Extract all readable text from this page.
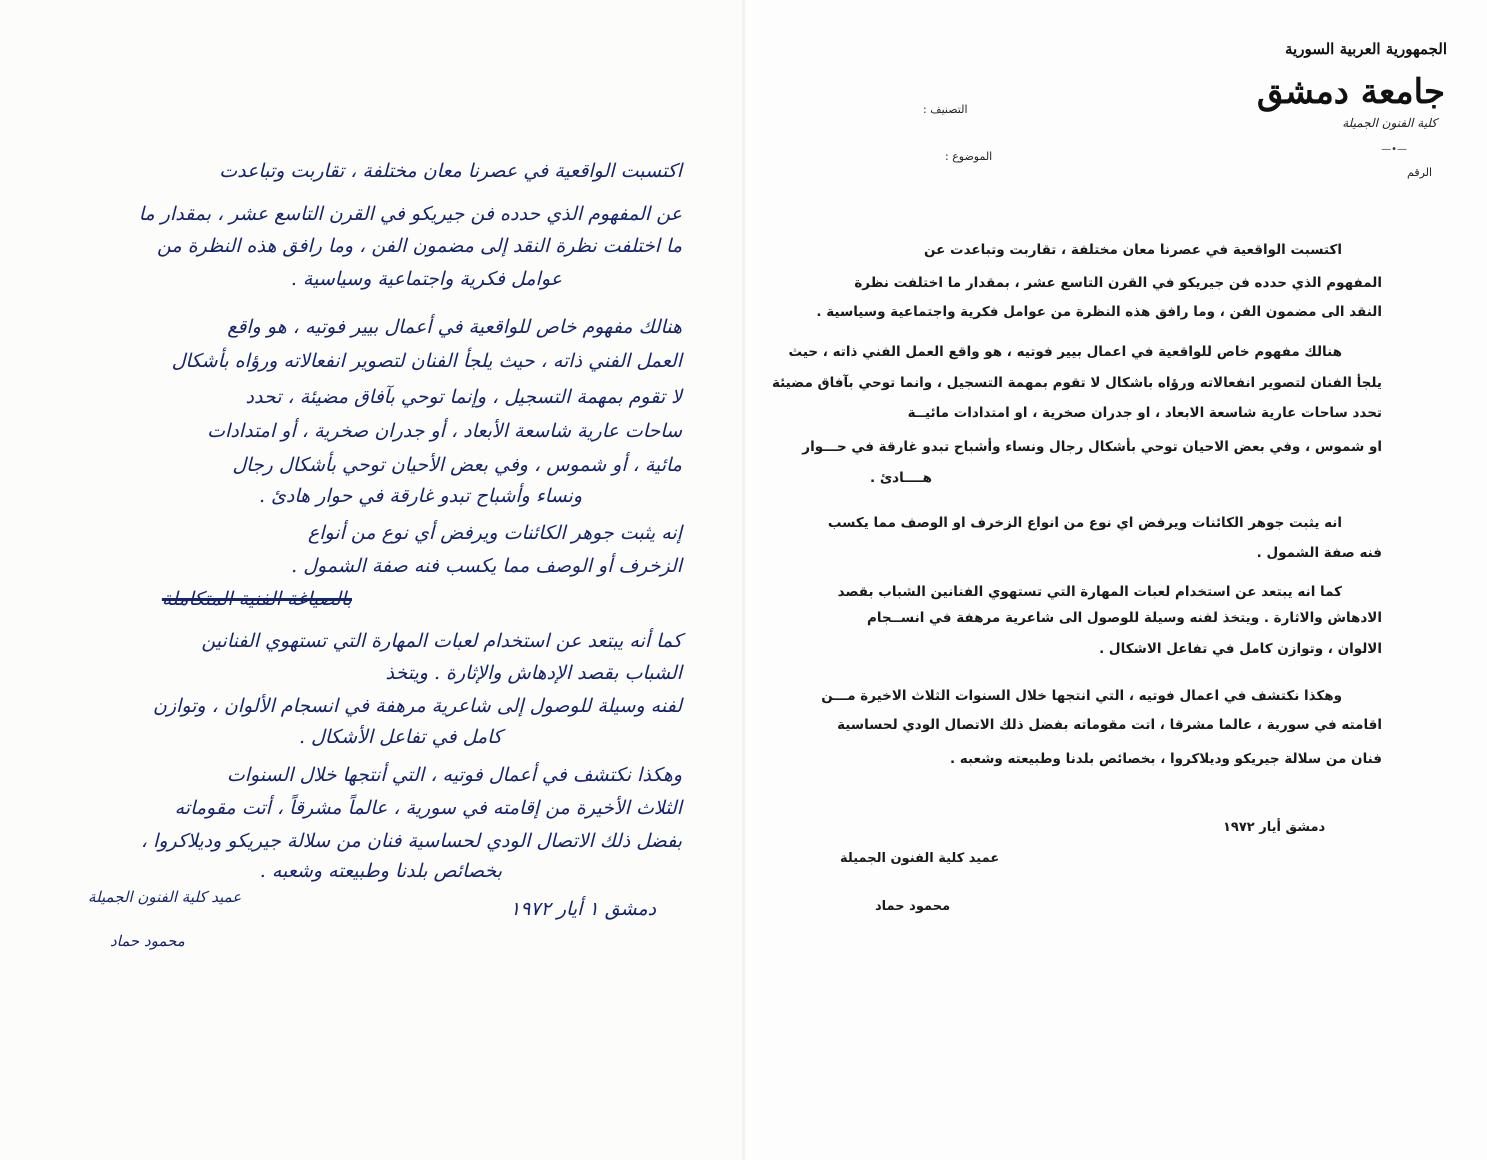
اكتسبت الواقعية في عصرنا معان مختلفة ، تقاربت وتباعدت
عن المفهوم الذي حدده فن جيريكو في القرن التاسع عشر ، بمقدار ما
ما اختلفت نظرة النقد إلى مضمون الفن ، وما رافق هذه النظرة من
عوامل فكرية واجتماعية وسياسية .
هنالك مفهوم خاص للواقعية في أعمال بيير فوتيه ، هو واقع
العمل الفني ذاته ، حيث يلجأ الفنان لتصوير انفعالاته ورؤاه بأشكال
لا تقوم بمهمة التسجيل ، وإنما توحي بآفاق مضيئة ، تحدد
ساحات عارية شاسعة الأبعاد ، أو جدران صخرية ، أو امتدادات
مائية ، أو شموس ، وفي بعض الأحيان توحي بأشكال رجال
ونساء وأشباح تبدو غارقة في حوار هادئ .
إنه يثبت جوهر الكائنات ويرفض أي نوع من أنواع
الزخرف أو الوصف مما يكسب فنه صفة الشمول .
بالصياغة الفنية المتكاملة
كما أنه يبتعد عن استخدام لعبات المهارة التي تستهوي الفنانين
الشباب بقصد الإدهاش والإثارة . ويتخذ
لفنه وسيلة للوصول إلى شاعرية مرهفة في انسجام الألوان ، وتوازن
كامل في تفاعل الأشكال .
وهكذا نكتشف في أعمال فوتيه ، التي أنتجها خلال السنوات
الثلاث الأخيرة من إقامته في سورية ، عالماً مشرقاً ، أتت مقوماته
بفضل ذلك الاتصال الودي لحساسية فنان من سلالة جيريكو وديلاكروا ،
بخصائص بلدنا وطبيعته وشعبه .
دمشق ١ أيار ١٩٧٢
عميد كلية الفنون الجميلة
محمود حماد
الجمهورية العربية السورية
جامعة دمشق
كلية الفنون الجميلة
—•—
التصنيف :
الموضوع :
الرقم
اكتسبت الواقعية في عصرنا معان مختلفة ، تقاربت وتباعدت عن
المفهوم الذي حدده فن جيريكو في القرن التاسع عشر ، بمقدار ما اختلفت نظرة
النقد الى مضمون الفن ، وما رافق هذه النظرة من عوامل فكرية واجتماعية وسياسية .
هنالك مفهوم خاص للواقعية في اعمال بيير فوتيه ، هو واقع العمل الفني ذاته ، حيث
يلجأ الفنان لتصوير انفعالاته ورؤاه باشكال لا تقوم بمهمة التسجيل ، وانما توحي بآفاق مضيئة
تحدد ساحات عارية شاسعة الابعاد ، او جدران صخرية ، او امتدادات مائيــة
او شموس ، وفي بعض الاحيان توحي بأشكال رجال ونساء وأشباح تبدو غارقة في حـــوار
هــــادئ .
انه يثبت جوهر الكائنات ويرفض اي نوع من انواع الزخرف او الوصف مما يكسب
فنه صفة الشمول .
كما انه يبتعد عن استخدام لعبات المهارة التي تستهوي الفنانين الشباب بقصد
الادهاش والاثارة . ويتخذ لفنه وسيلة للوصول الى شاعرية مرهفة في انســجام
الالوان ، وتوازن كامل في تفاعل الاشكال .
وهكذا نكتشف في اعمال فوتيه ، التي انتجها خلال السنوات الثلاث الاخيرة مـــن
اقامته في سورية ، عالما مشرقا ، اتت مقوماته بفضل ذلك الاتصال الودي لحساسية
فنان من سلالة جيريكو وديلاكروا ، بخصائص بلدنا وطبيعته وشعبه .
دمشق أيار ١٩٧٢
عميد كلية الفنون الجميلة
محمود حماد
